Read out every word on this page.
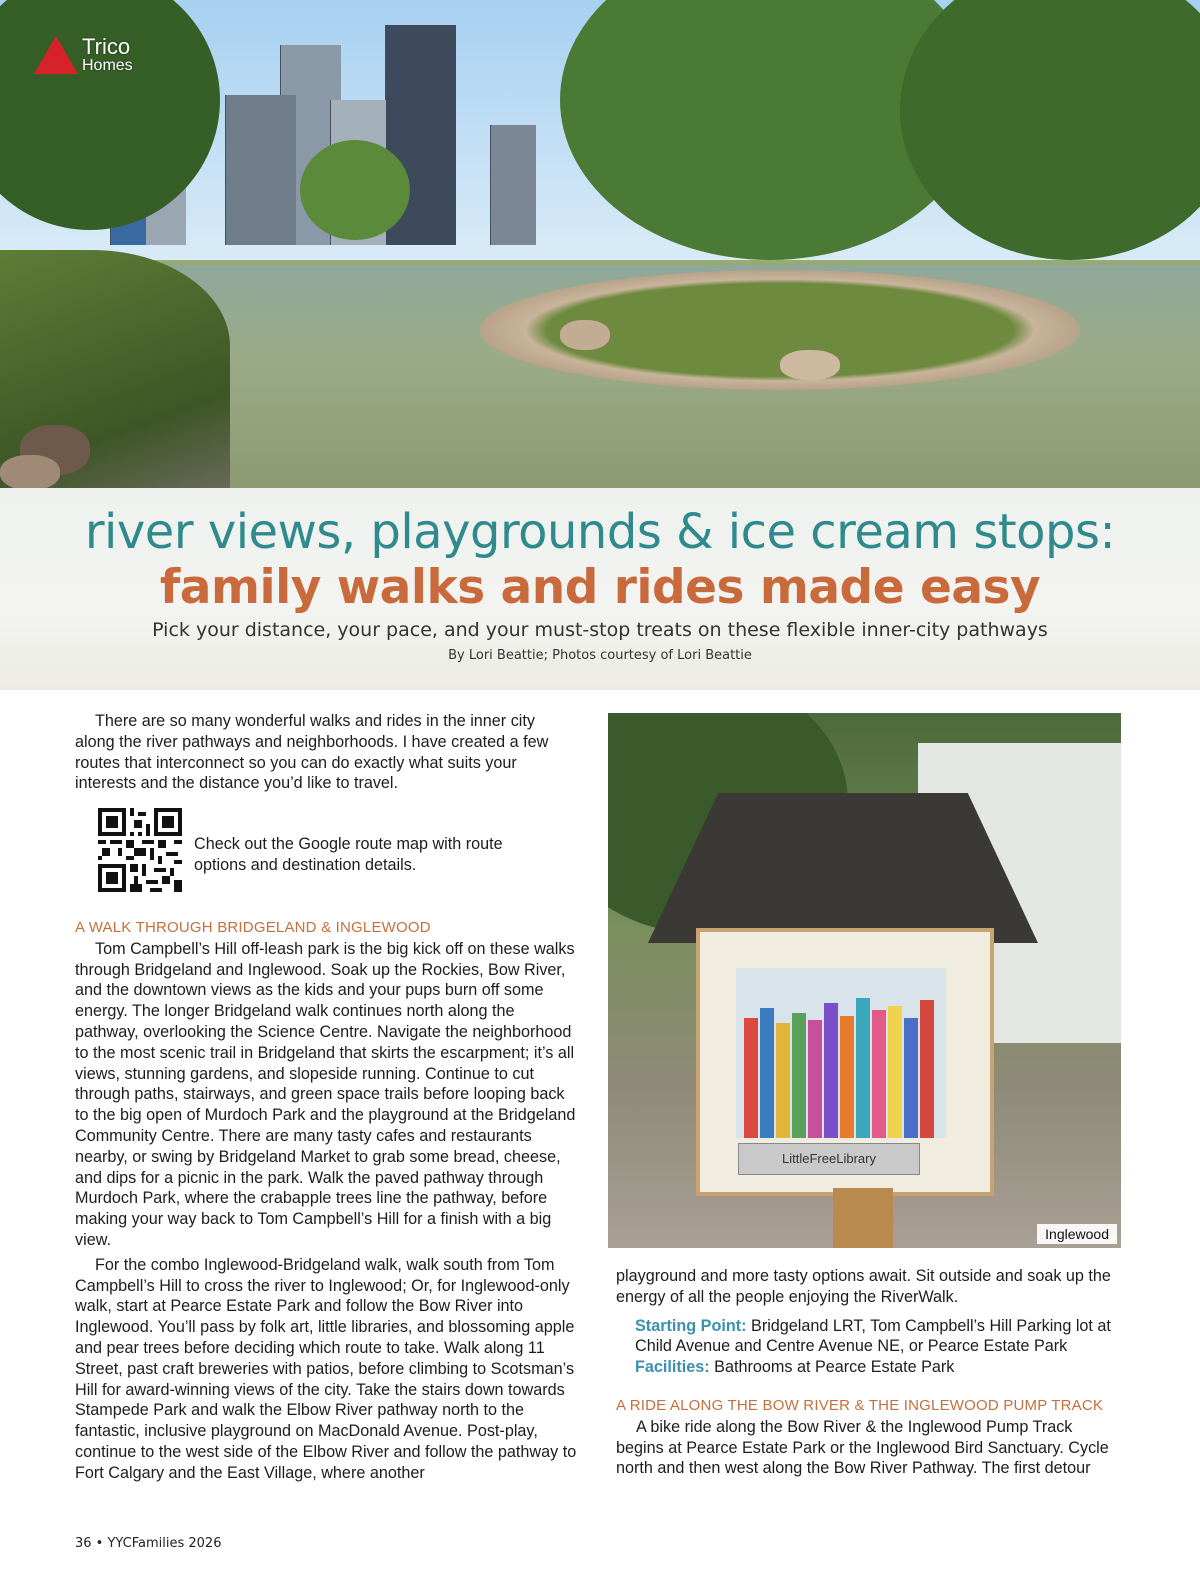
Trico
Homes
river views, playgrounds & ice cream stops:
family walks and rides made easy
Pick your distance, your pace, and your must-stop treats on these flexible inner-city pathways
By Lori Beattie; Photos courtesy of Lori Beattie

There are so many wonderful walks and rides in the inner city along the river pathways and neighborhoods. I have created a few routes that interconnect so you can do exactly what suits your interests and the distance you’d like to travel.

Check out the Google route map with route options and destination details.

A WALK THROUGH BRIDGELAND & INGLEWOOD

Tom Campbell’s Hill off-leash park is the big kick off on these walks through Bridgeland and Inglewood. Soak up the Rockies, Bow River, and the downtown views as the kids and your pups burn off some energy. The longer Bridgeland walk continues north along the pathway, overlooking the Science Centre. Navigate the neighborhood to the most scenic trail in Bridgeland that skirts the escarpment; it’s all views, stunning gardens, and slopeside running. Continue to cut through paths, stairways, and green space trails before looping back to the big open of Murdoch Park and the playground at the Bridgeland Community Centre. There are many tasty cafes and restaurants nearby, or swing by Bridgeland Market to grab some bread, cheese, and dips for a picnic in the park. Walk the paved pathway through Murdoch Park, where the crabapple trees line the pathway, before making your way back to Tom Campbell’s Hill for a finish with a big view.

For the combo Inglewood-Bridgeland walk, walk south from Tom Campbell’s Hill to cross the river to Inglewood; Or, for Inglewood-only walk, start at Pearce Estate Park and follow the Bow River into Inglewood. You’ll pass by folk art, little libraries, and blossoming apple and pear trees before deciding which route to take. Walk along 11 Street, past craft breweries with patios, before climbing to Scotsman’s Hill for award-winning views of the city. Take the stairs down towards Stampede Park and walk the Elbow River pathway north to the fantastic, inclusive playground on MacDonald Avenue. Post-play, continue to the west side of the Elbow River and follow the pathway to Fort Calgary and the East Village, where another

LittleFreeLibrary
Inglewood

playground and more tasty options await. Sit outside and soak up the energy of all the people enjoying the RiverWalk.

Starting Point: Bridgeland LRT, Tom Campbell’s Hill Parking lot at Child Avenue and Centre Avenue NE, or Pearce Estate Park

Facilities: Bathrooms at Pearce Estate Park

A RIDE ALONG THE BOW RIVER & THE INGLEWOOD PUMP TRACK

A bike ride along the Bow River & the Inglewood Pump Track begins at Pearce Estate Park or the Inglewood Bird Sanctuary. Cycle north and then west along the Bow River Pathway. The first detour

36 • YYCFamilies 2026
